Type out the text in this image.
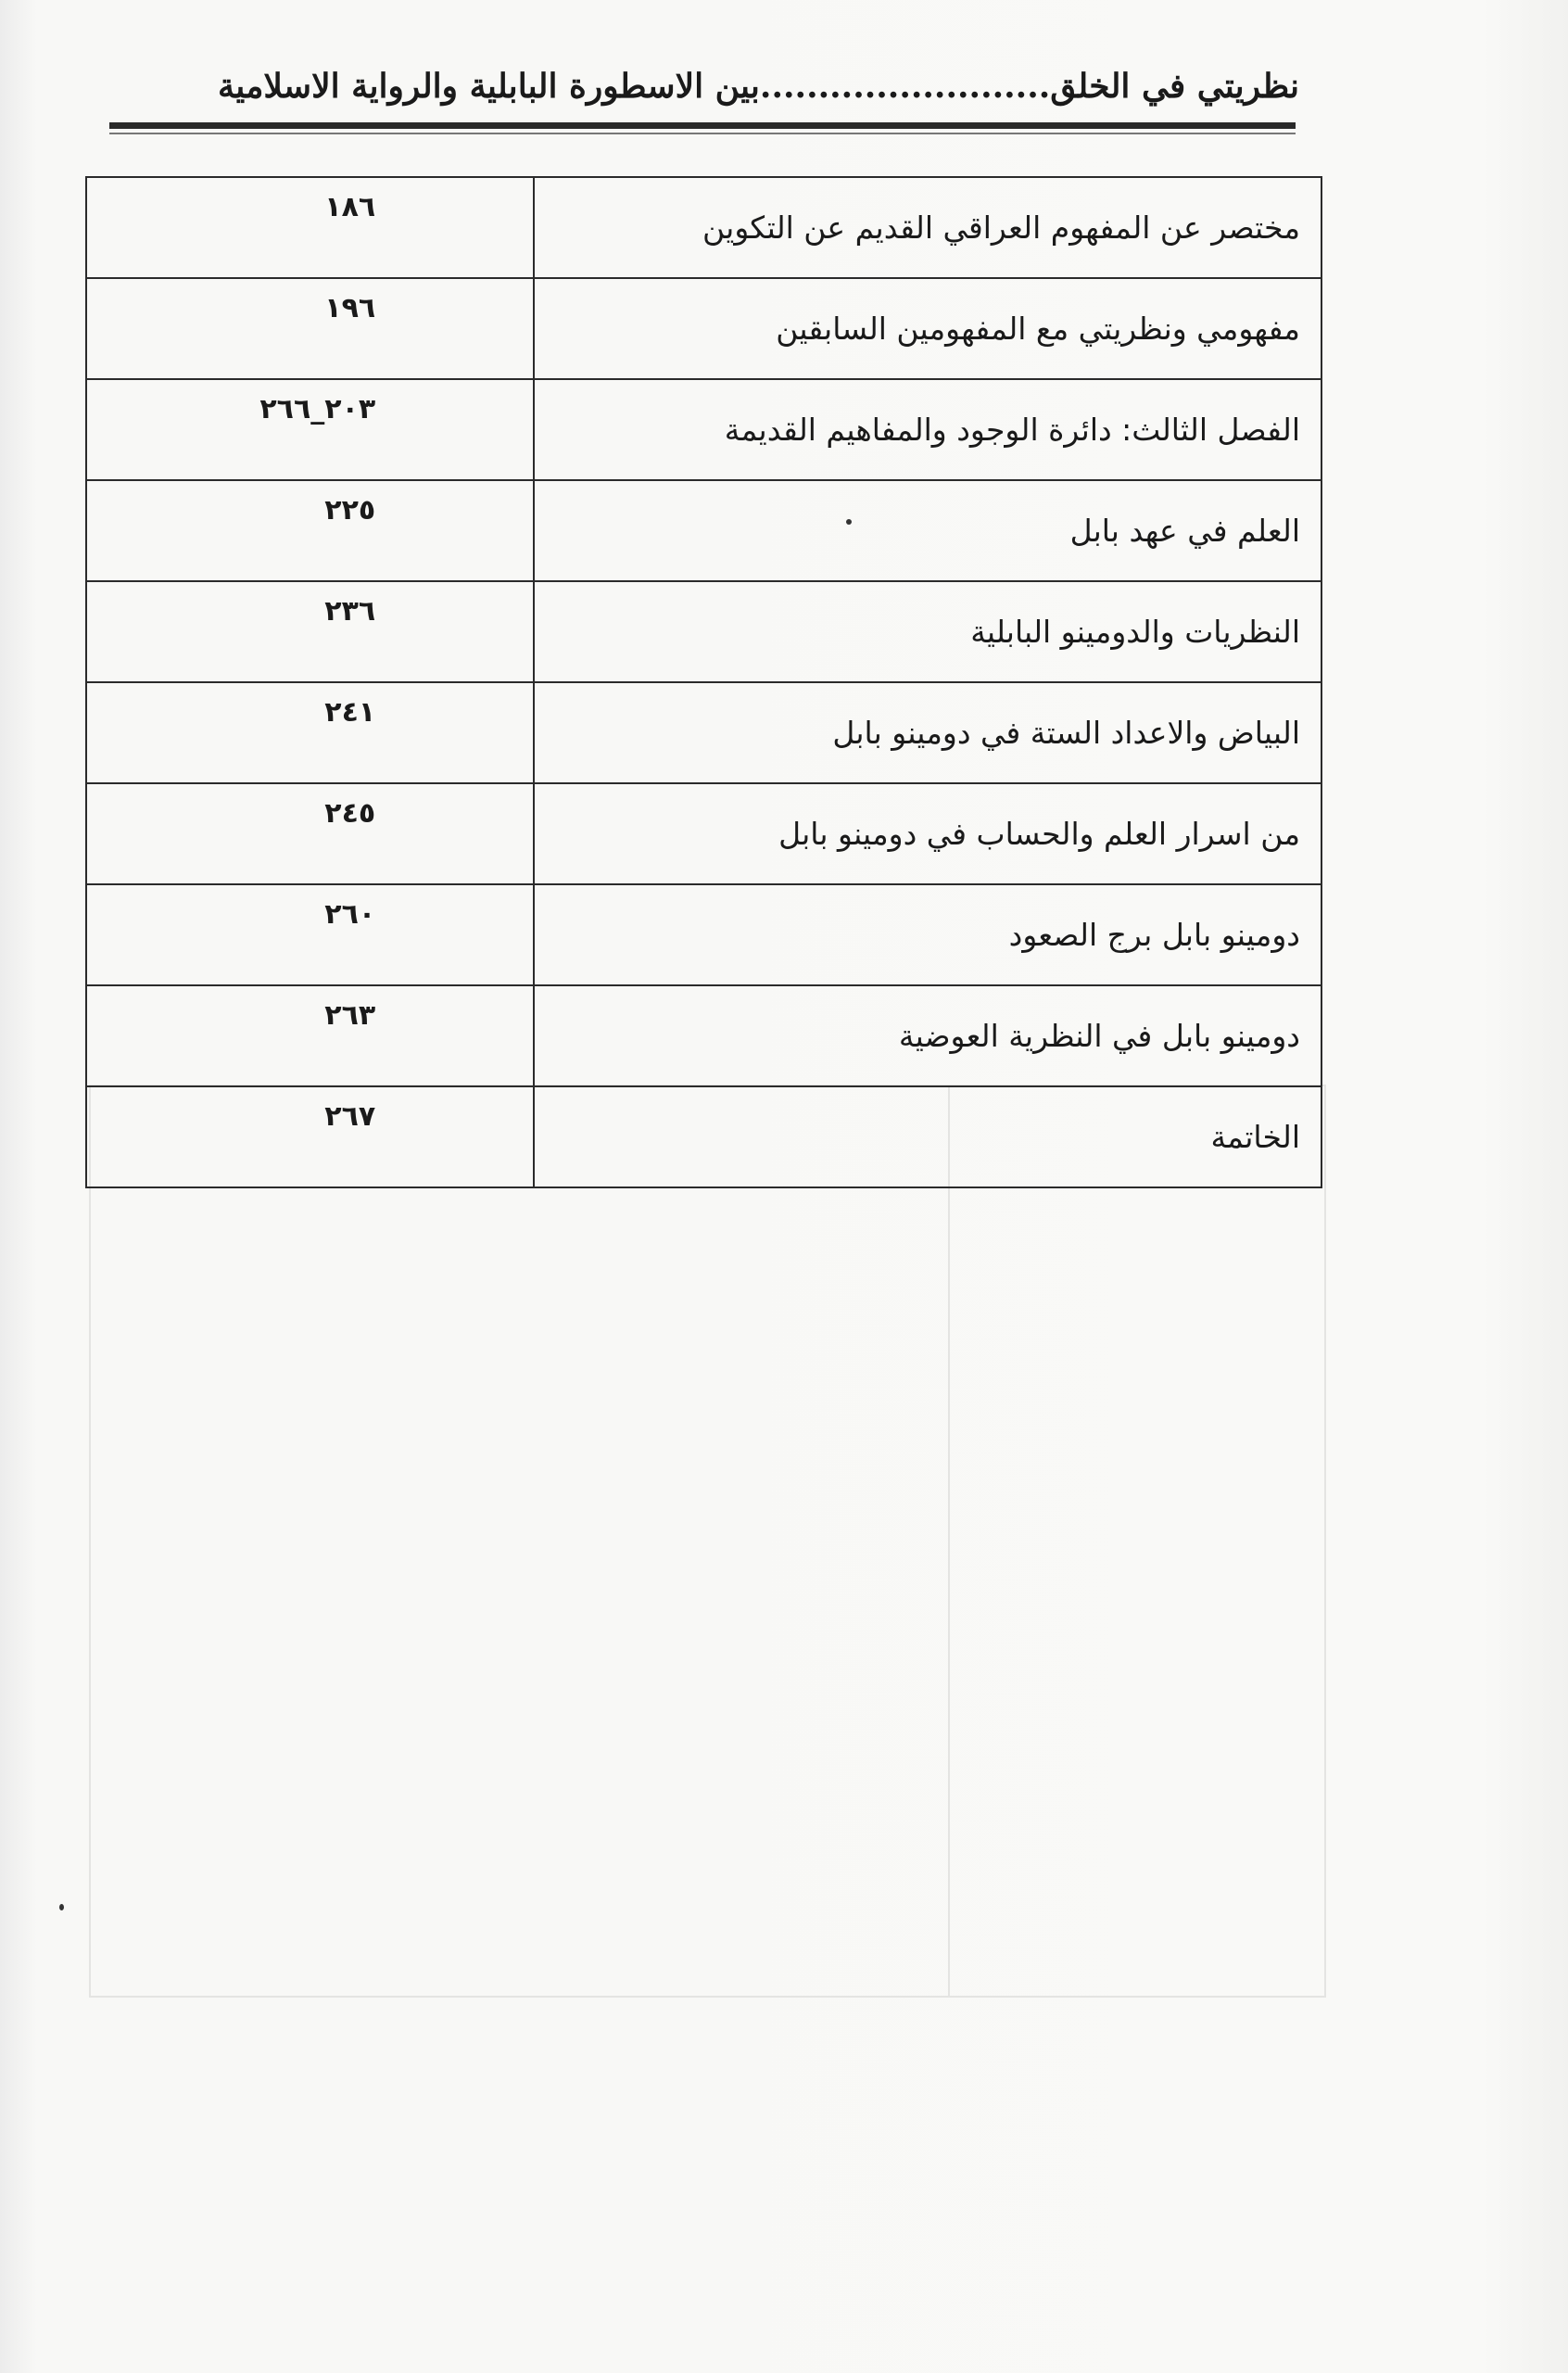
نظريتي في الخلق.........................بين الاسطورة البابلية والرواية الاسلامية
مختصر عن المفهوم العراقي القديم عن التكوين	١٨٦
مفهومي ونظريتي مع المفهومين السابقين	١٩٦
الفصل الثالث: دائرة الوجود والمفاهيم القديمة	٢٠٣_٢٦٦
العلم في عهد بابل	٢٢٥
النظريات والدومينو البابلية	٢٣٦
البياض والاعداد الستة في دومينو بابل	٢٤١
من اسرار العلم والحساب في دومينو بابل	٢٤٥
دومينو بابل برج الصعود	٢٦٠
دومينو بابل في النظرية العوضية	٢٦٣
الخاتمة	٢٦٧
